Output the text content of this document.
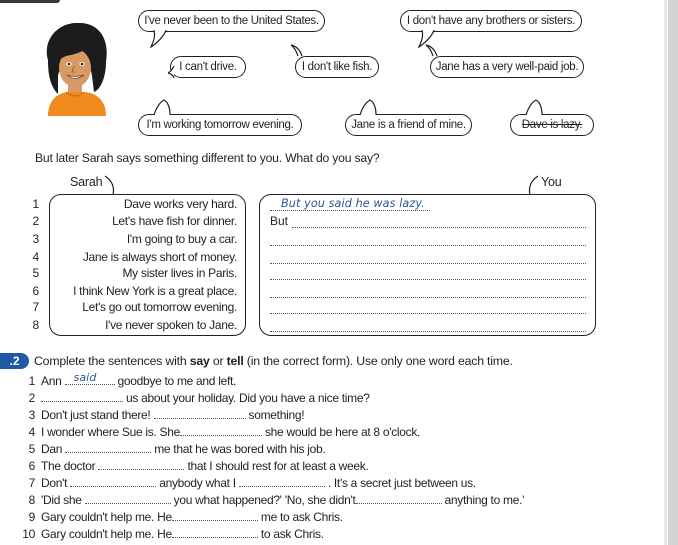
I've never been to the United States.	I don't have any brothers or sisters.
I can't drive.	I don't like fish.	Jane has a very well-paid job.
I'm working tomorrow evening.	Jane is a friend of mine.	Dave is lazy.
But later Sarah says something different to you. What do you say?
Sarah	You
1	Dave works very hard.	But you said he was lazy.
2	Let's have fish for dinner.	But
3	I'm going to buy a car.
4	Jane is always short of money.
5	My sister lives in Paris.
6	I think New York is a great place.
7	Let's go out tomorrow evening.
8	I've never spoken to Jane.
.2	Complete the sentences with say or tell (in the correct form). Use only one word each time.
1 Ann said goodbye to me and left.
2	us about your holiday. Did you have a nice time?
3 Don't just stand there!	something!
4 I wonder where Sue is. She	she would be here at 8 o'clock.
5 Dan	me that he was bored with his job.
6 The doctor	that I should rest for at least a week.
7 Don't	anybody what I	. It's a secret just between us.
8 'Did she	you what happened?' 'No, she didn't	anything to me.'
9 Gary couldn't help me. He	me to ask Chris.
10 Gary couldn't help me. He	to ask Chris.
